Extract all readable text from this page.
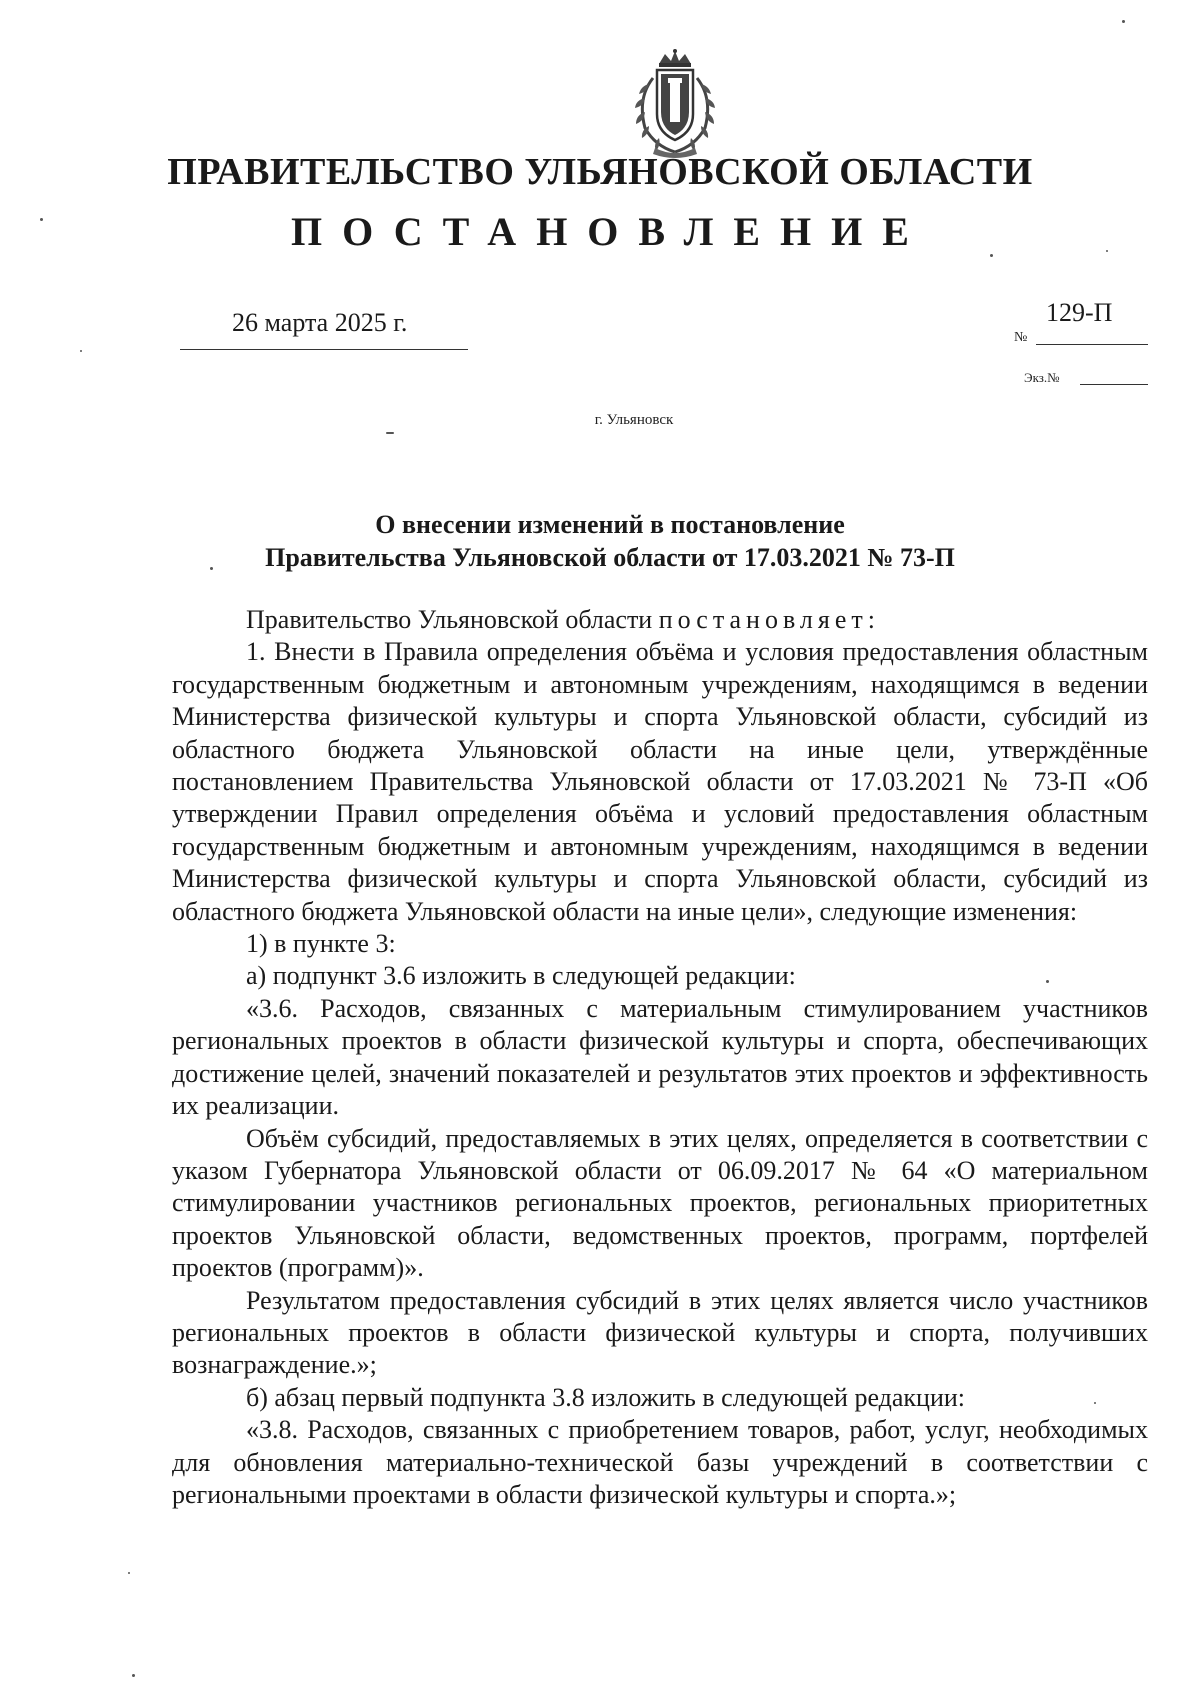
ПРАВИТЕЛЬСТВО УЛЬЯНОВСКОЙ ОБЛАСТИ
ПОСТАНОВЛЕНИЕ
26 марта 2025 г.
№
129-П
Экз.№
г. Ульяновск
О внесении изменений в постановление
Правительства Ульяновской области от 17.03.2021 № 73-П

Правительство Ульяновской области постановляет:

1. Внести в Правила определения объёма и условия предоставления областным государственным бюджетным и автономным учреждениям, находящимся в ведении Министерства физической культуры и спорта Ульяновской области, субсидий из областного бюджета Ульяновской области на иные цели, утверждённые постановлением Правительства Ульяновской области от 17.03.2021 № 73-П «Об утверждении Правил определения объёма и условий предоставления областным государственным бюджетным и автономным учреждениям, находящимся в ведении Министерства физической культуры и спорта Ульяновской области, субсидий из областного бюджета Ульяновской области на иные цели», следующие изменения:

1) в пункте 3:

а) подпункт 3.6 изложить в следующей редакции:

«3.6. Расходов, связанных с материальным стимулированием участников региональных проектов в области физической культуры и спорта, обеспечивающих достижение целей, значений показателей и результатов этих проектов и эффективность их реализации.

Объём субсидий, предоставляемых в этих целях, определяется в соответствии с указом Губернатора Ульяновской области от 06.09.2017 № 64 «О материальном стимулировании участников региональных проектов, региональных приоритетных проектов Ульяновской области, ведомственных проектов, программ, портфелей проектов (программ)».

Результатом предоставления субсидий в этих целях является число участников региональных проектов в области физической культуры и спорта, получивших вознаграждение.»;

б) абзац первый подпункта 3.8 изложить в следующей редакции:

«3.8. Расходов, связанных с приобретением товаров, работ, услуг, необходимых для обновления материально-технической базы учреждений в соответствии с региональными проектами в области физической культуры и спорта.»;
